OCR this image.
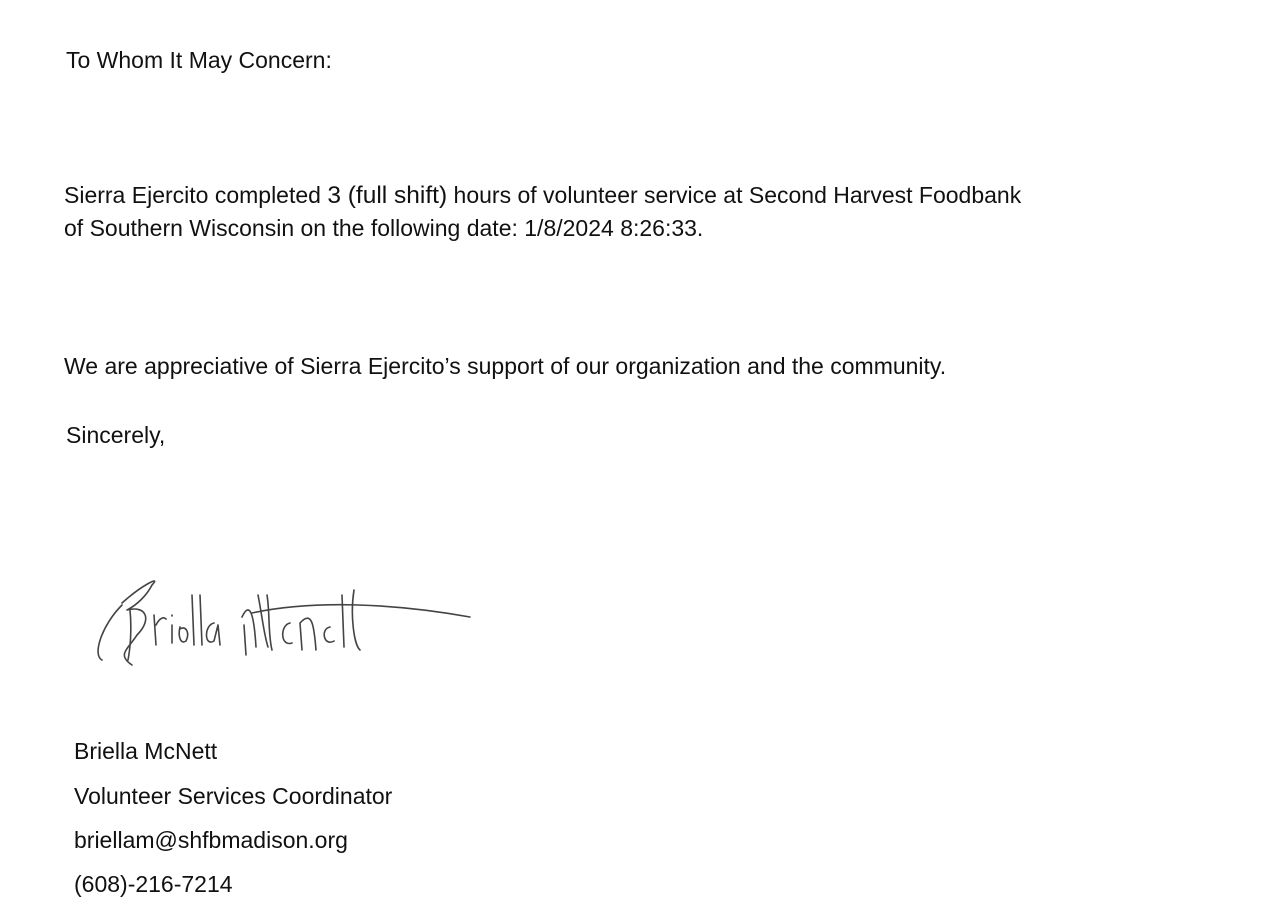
To Whom It May Concern:
Sierra Ejercito completed 3 (full shift) hours of volunteer service at Second Harvest Foodbank
of Southern Wisconsin on the following date: 1/8/2024 8:26:33.
We are appreciative of Sierra Ejercito’s support of our organization and the community.
Sincerely,
Briella McNett
Volunteer Services Coordinator
briellam@shfbmadison.org
(608)-216-7214
